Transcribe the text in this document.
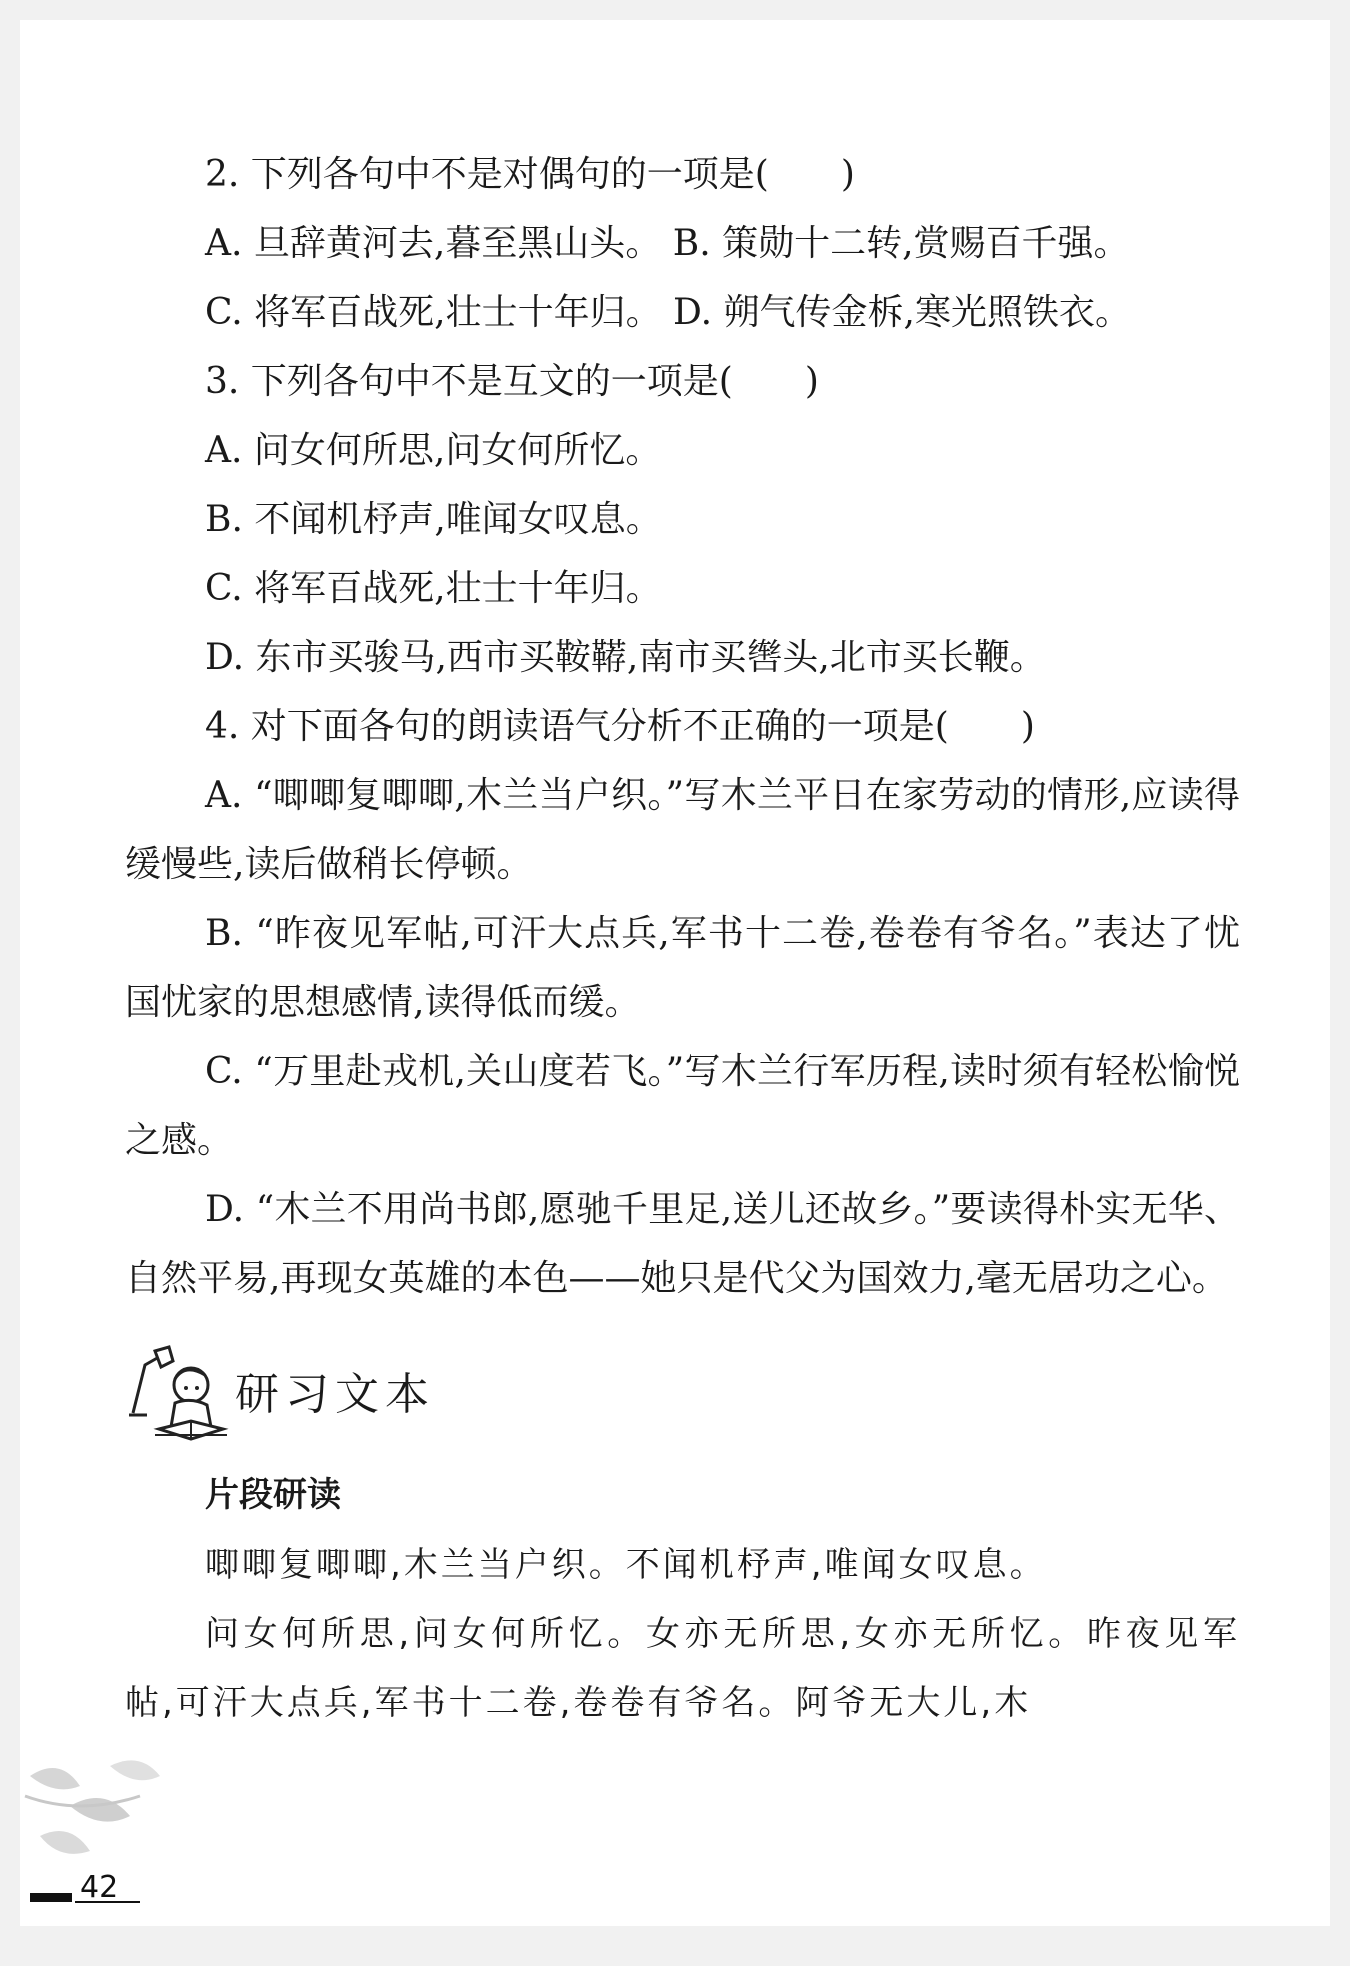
2. 下列各句中不是对偶句的一项是(　　)

A. 旦辞黄河去,暮至黑山头。 B. 策勋十二转,赏赐百千强。

C. 将军百战死,壮士十年归。 D. 朔气传金柝,寒光照铁衣。

3. 下列各句中不是互文的一项是(　　)

A. 问女何所思,问女何所忆。

B. 不闻机杼声,唯闻女叹息。

C. 将军百战死,壮士十年归。

D. 东市买骏马,西市买鞍鞯,南市买辔头,北市买长鞭。

4. 对下面各句的朗读语气分析不正确的一项是(　　)

A. “唧唧复唧唧,木兰当户织。”写木兰平日在家劳动的情形,应读得缓慢些,读后做稍长停顿。

B. “昨夜见军帖,可汗大点兵,军书十二卷,卷卷有爷名。”表达了忧国忧家的思想感情,读得低而缓。

C. “万里赴戎机,关山度若飞。”写木兰行军历程,读时须有轻松愉悦之感。

D. “木兰不用尚书郎,愿驰千里足,送儿还故乡。”要读得朴实无华、自然平易,再现女英雄的本色——她只是代父为国效力,毫无居功之心。

研习文本
片段研读

唧唧复唧唧,木兰当户织。不闻机杼声,唯闻女叹息。

问女何所思,问女何所忆。女亦无所思,女亦无所忆。昨夜见军帖,可汗大点兵,军书十二卷,卷卷有爷名。阿爷无大儿,木

42
